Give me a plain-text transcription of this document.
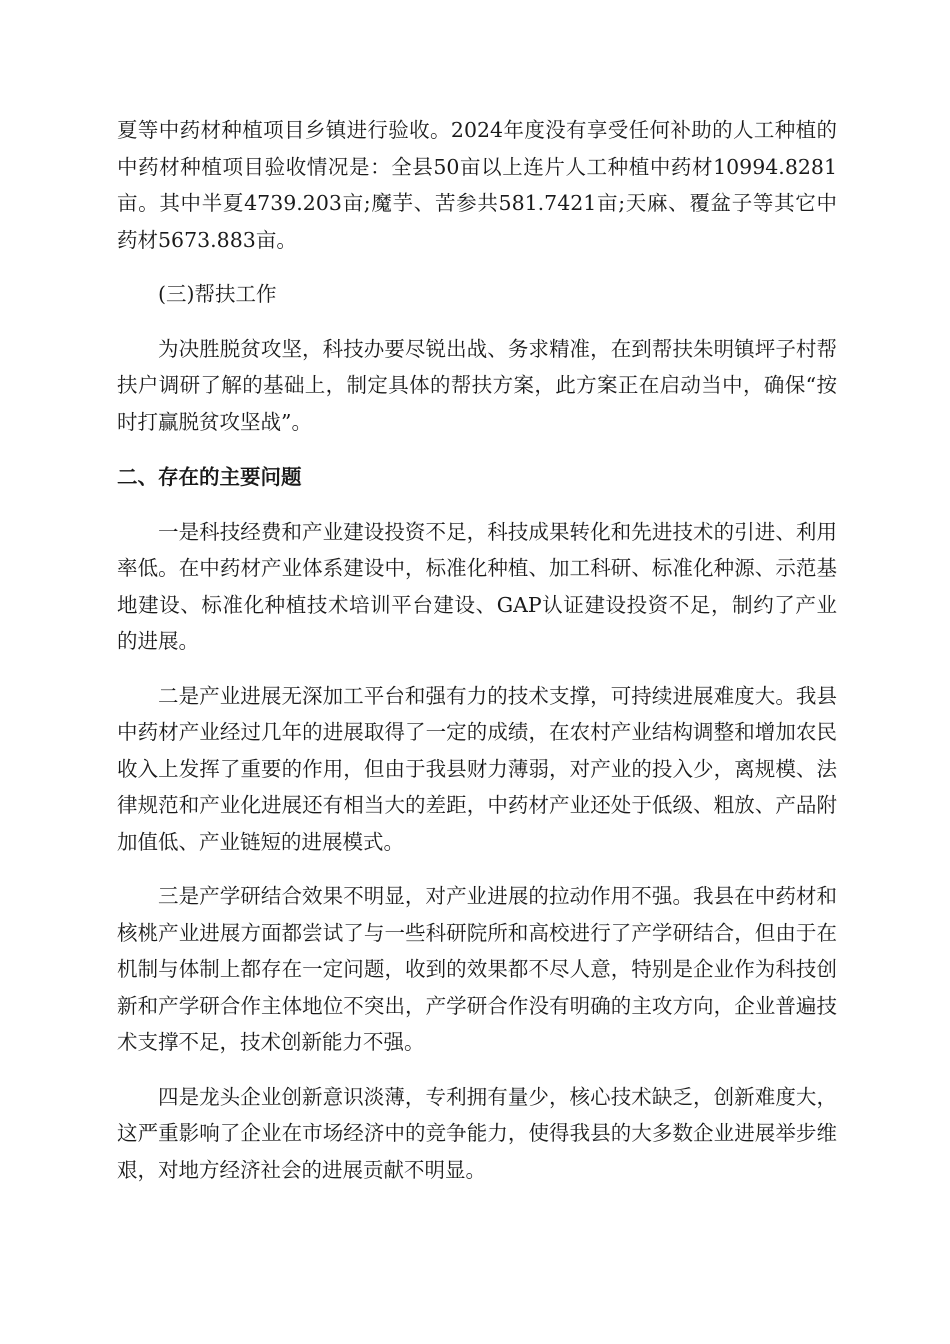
夏等中药材种植项目乡镇进行验收。2024年度没有享受任何补助的人工种植的中药材种植项目验收情况是：全县50亩以上连片人工种植中药材10994.8281亩。其中半夏4739.203亩;魔芋、苦参共581.7421亩;天麻、覆盆子等其它中药材5673.883亩。

(三)帮扶工作

为决胜脱贫攻坚，科技办要尽锐出战、务求精准，在到帮扶朱明镇坪子村帮扶户调研了解的基础上，制定具体的帮扶方案，此方案正在启动当中，确保“按时打赢脱贫攻坚战”。

二、存在的主要问题

一是科技经费和产业建设投资不足，科技成果转化和先进技术的引进、利用率低。在中药材产业体系建设中，标准化种植、加工科研、标准化种源、示范基地建设、标准化种植技术培训平台建设、GAP认证建设投资不足，制约了产业的进展。

二是产业进展无深加工平台和强有力的技术支撑，可持续进展难度大。我县中药材产业经过几年的进展取得了一定的成绩，在农村产业结构调整和增加农民收入上发挥了重要的作用，但由于我县财力薄弱，对产业的投入少，离规模、法律规范和产业化进展还有相当大的差距，中药材产业还处于低级、粗放、产品附加值低、产业链短的进展模式。

三是产学研结合效果不明显，对产业进展的拉动作用不强。我县在中药材和核桃产业进展方面都尝试了与一些科研院所和高校进行了产学研结合，但由于在机制与体制上都存在一定问题，收到的效果都不尽人意，特别是企业作为科技创新和产学研合作主体地位不突出，产学研合作没有明确的主攻方向，企业普遍技术支撑不足，技术创新能力不强。

四是龙头企业创新意识淡薄，专利拥有量少，核心技术缺乏，创新难度大，这严重影响了企业在市场经济中的竞争能力，使得我县的大多数企业进展举步维艰，对地方经济社会的进展贡献不明显。
